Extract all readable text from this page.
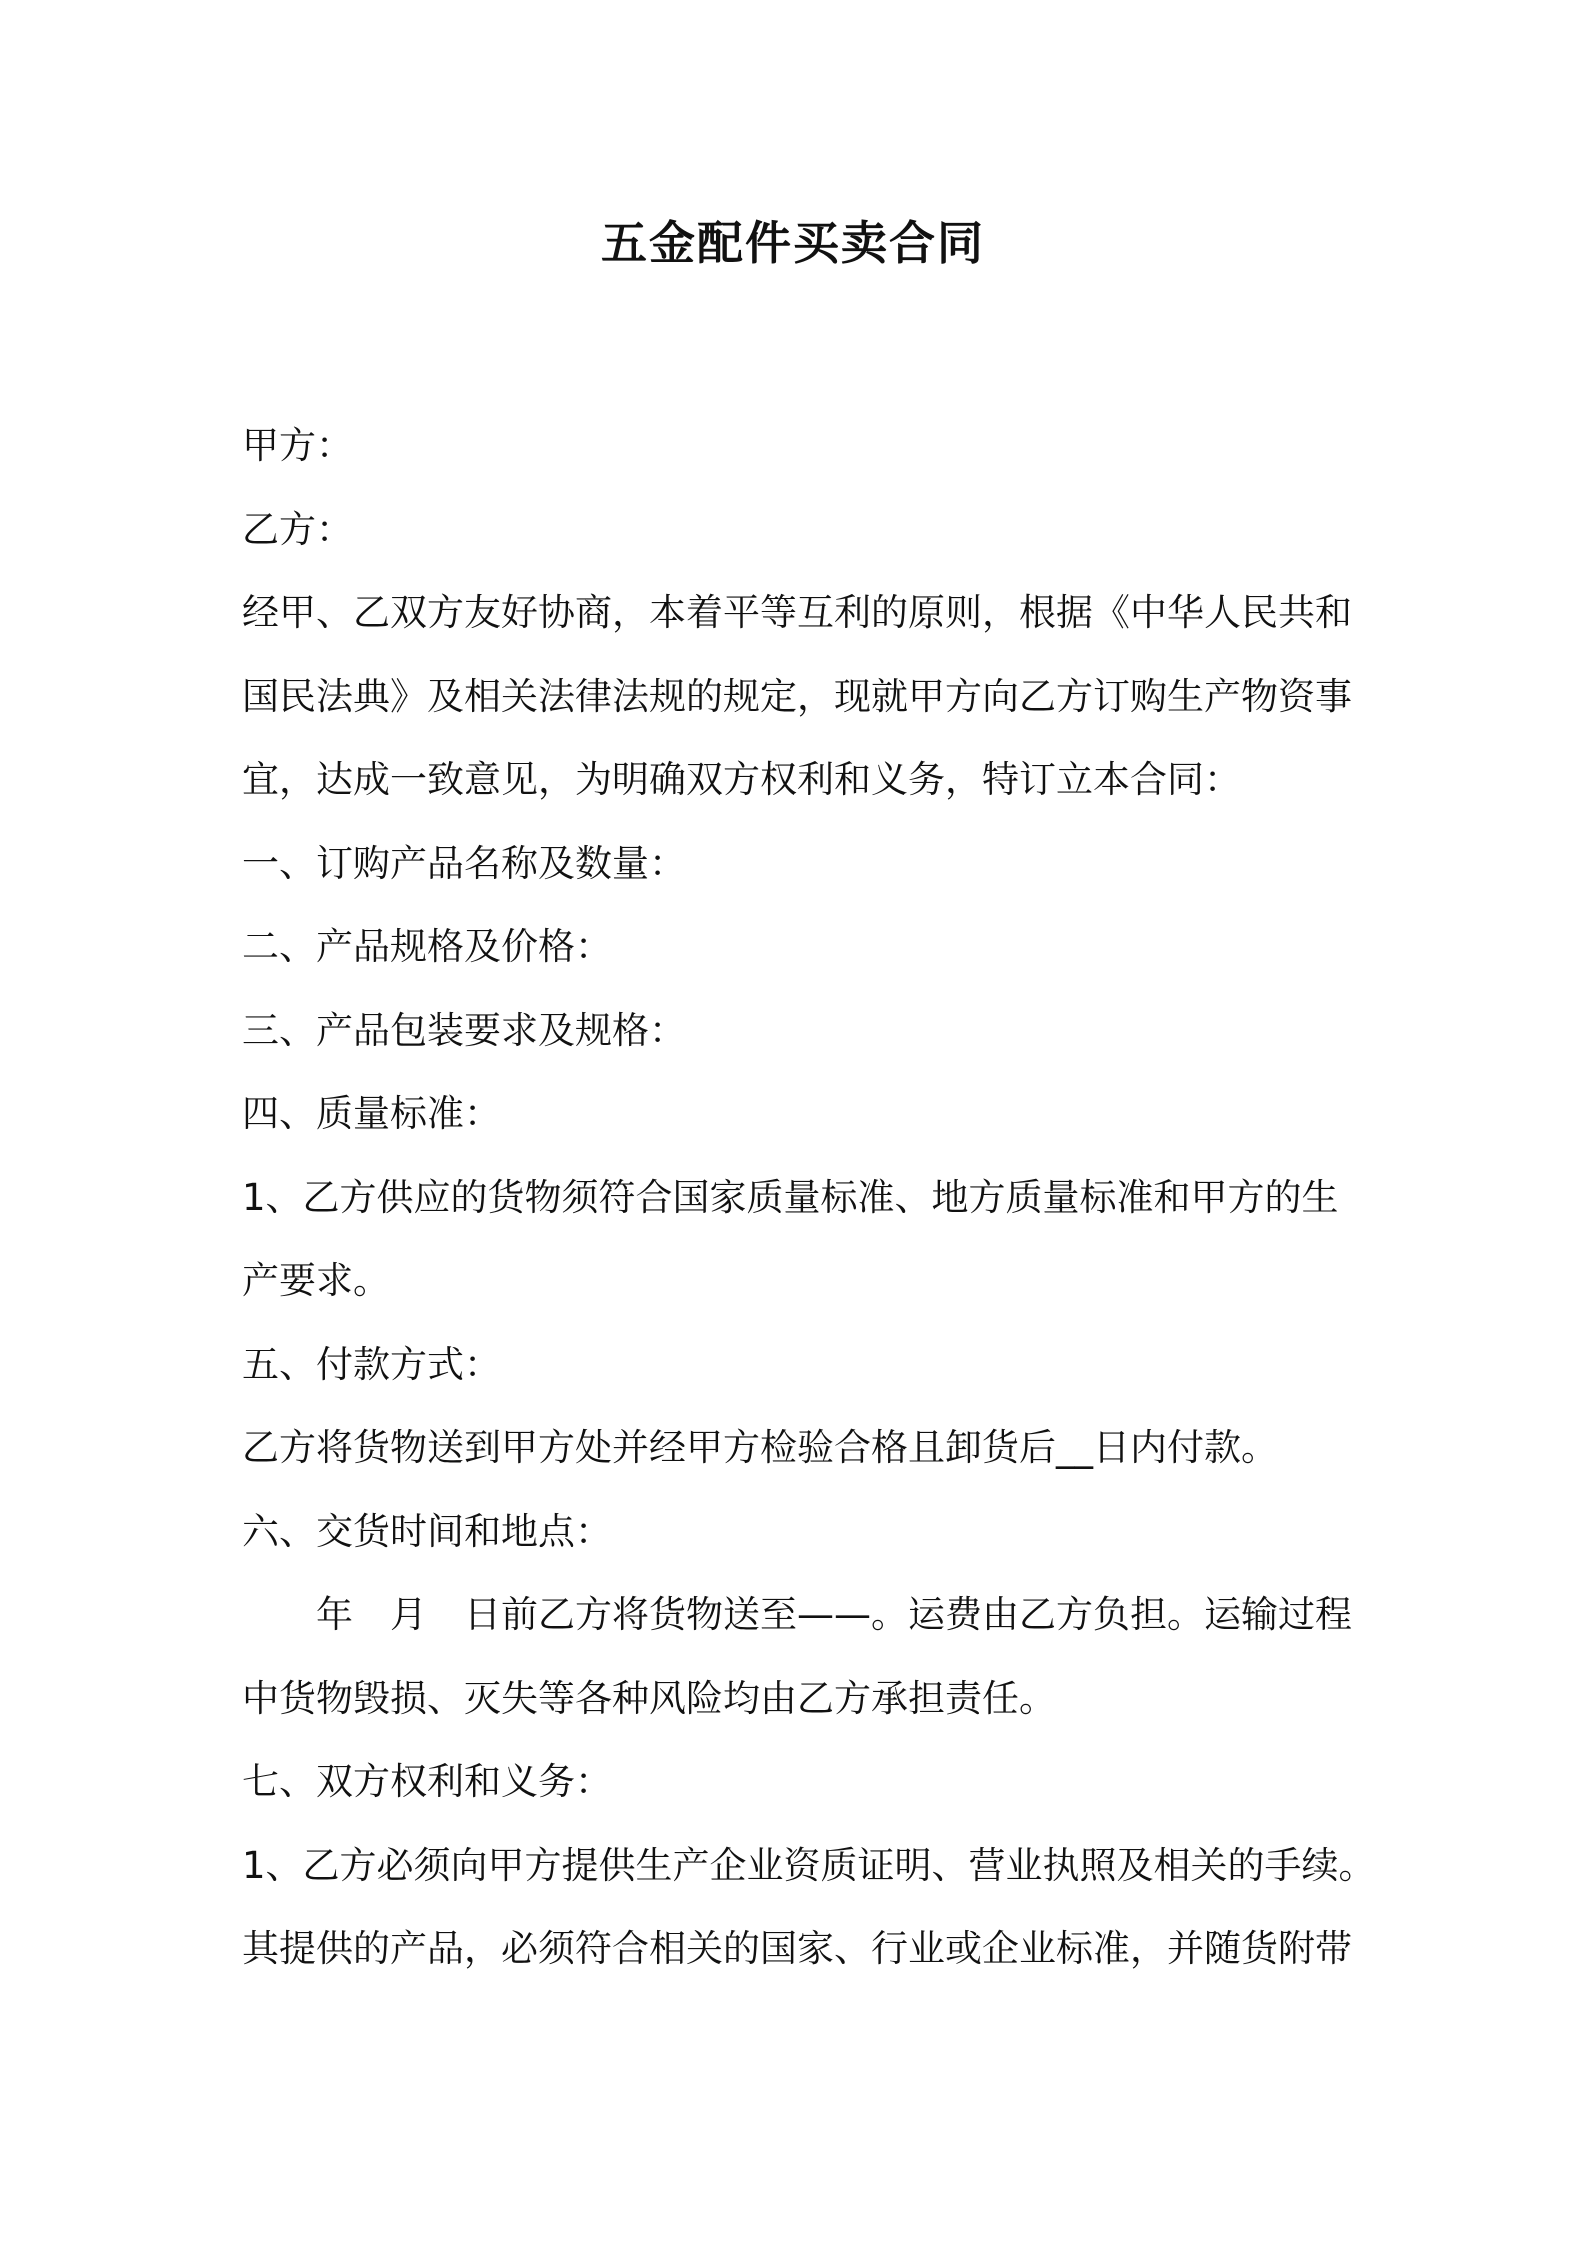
五金配件买卖合同

甲方：

乙方：

经甲、乙双方友好协商，本着平等互利的原则，根据《中华人民共和

国民法典》及相关法律法规的规定，现就甲方向乙方订购生产物资事

宜，达成一致意见，为明确双方权利和义务，特订立本合同：

一、订购产品名称及数量：

二、产品规格及价格：

三、产品包装要求及规格：

四、质量标准：

1、乙方供应的货物须符合国家质量标准、地方质量标准和甲方的生

产要求。

五、付款方式：

乙方将货物送到甲方处并经甲方检验合格且卸货后__日内付款。

六、交货时间和地点：

年　月　日前乙方将货物送至——。运费由乙方负担。运输过程

中货物毁损、灭失等各种风险均由乙方承担责任。

七、双方权利和义务：

1、乙方必须向甲方提供生产企业资质证明、营业执照及相关的手续。

其提供的产品，必须符合相关的国家、行业或企业标准，并随货附带
